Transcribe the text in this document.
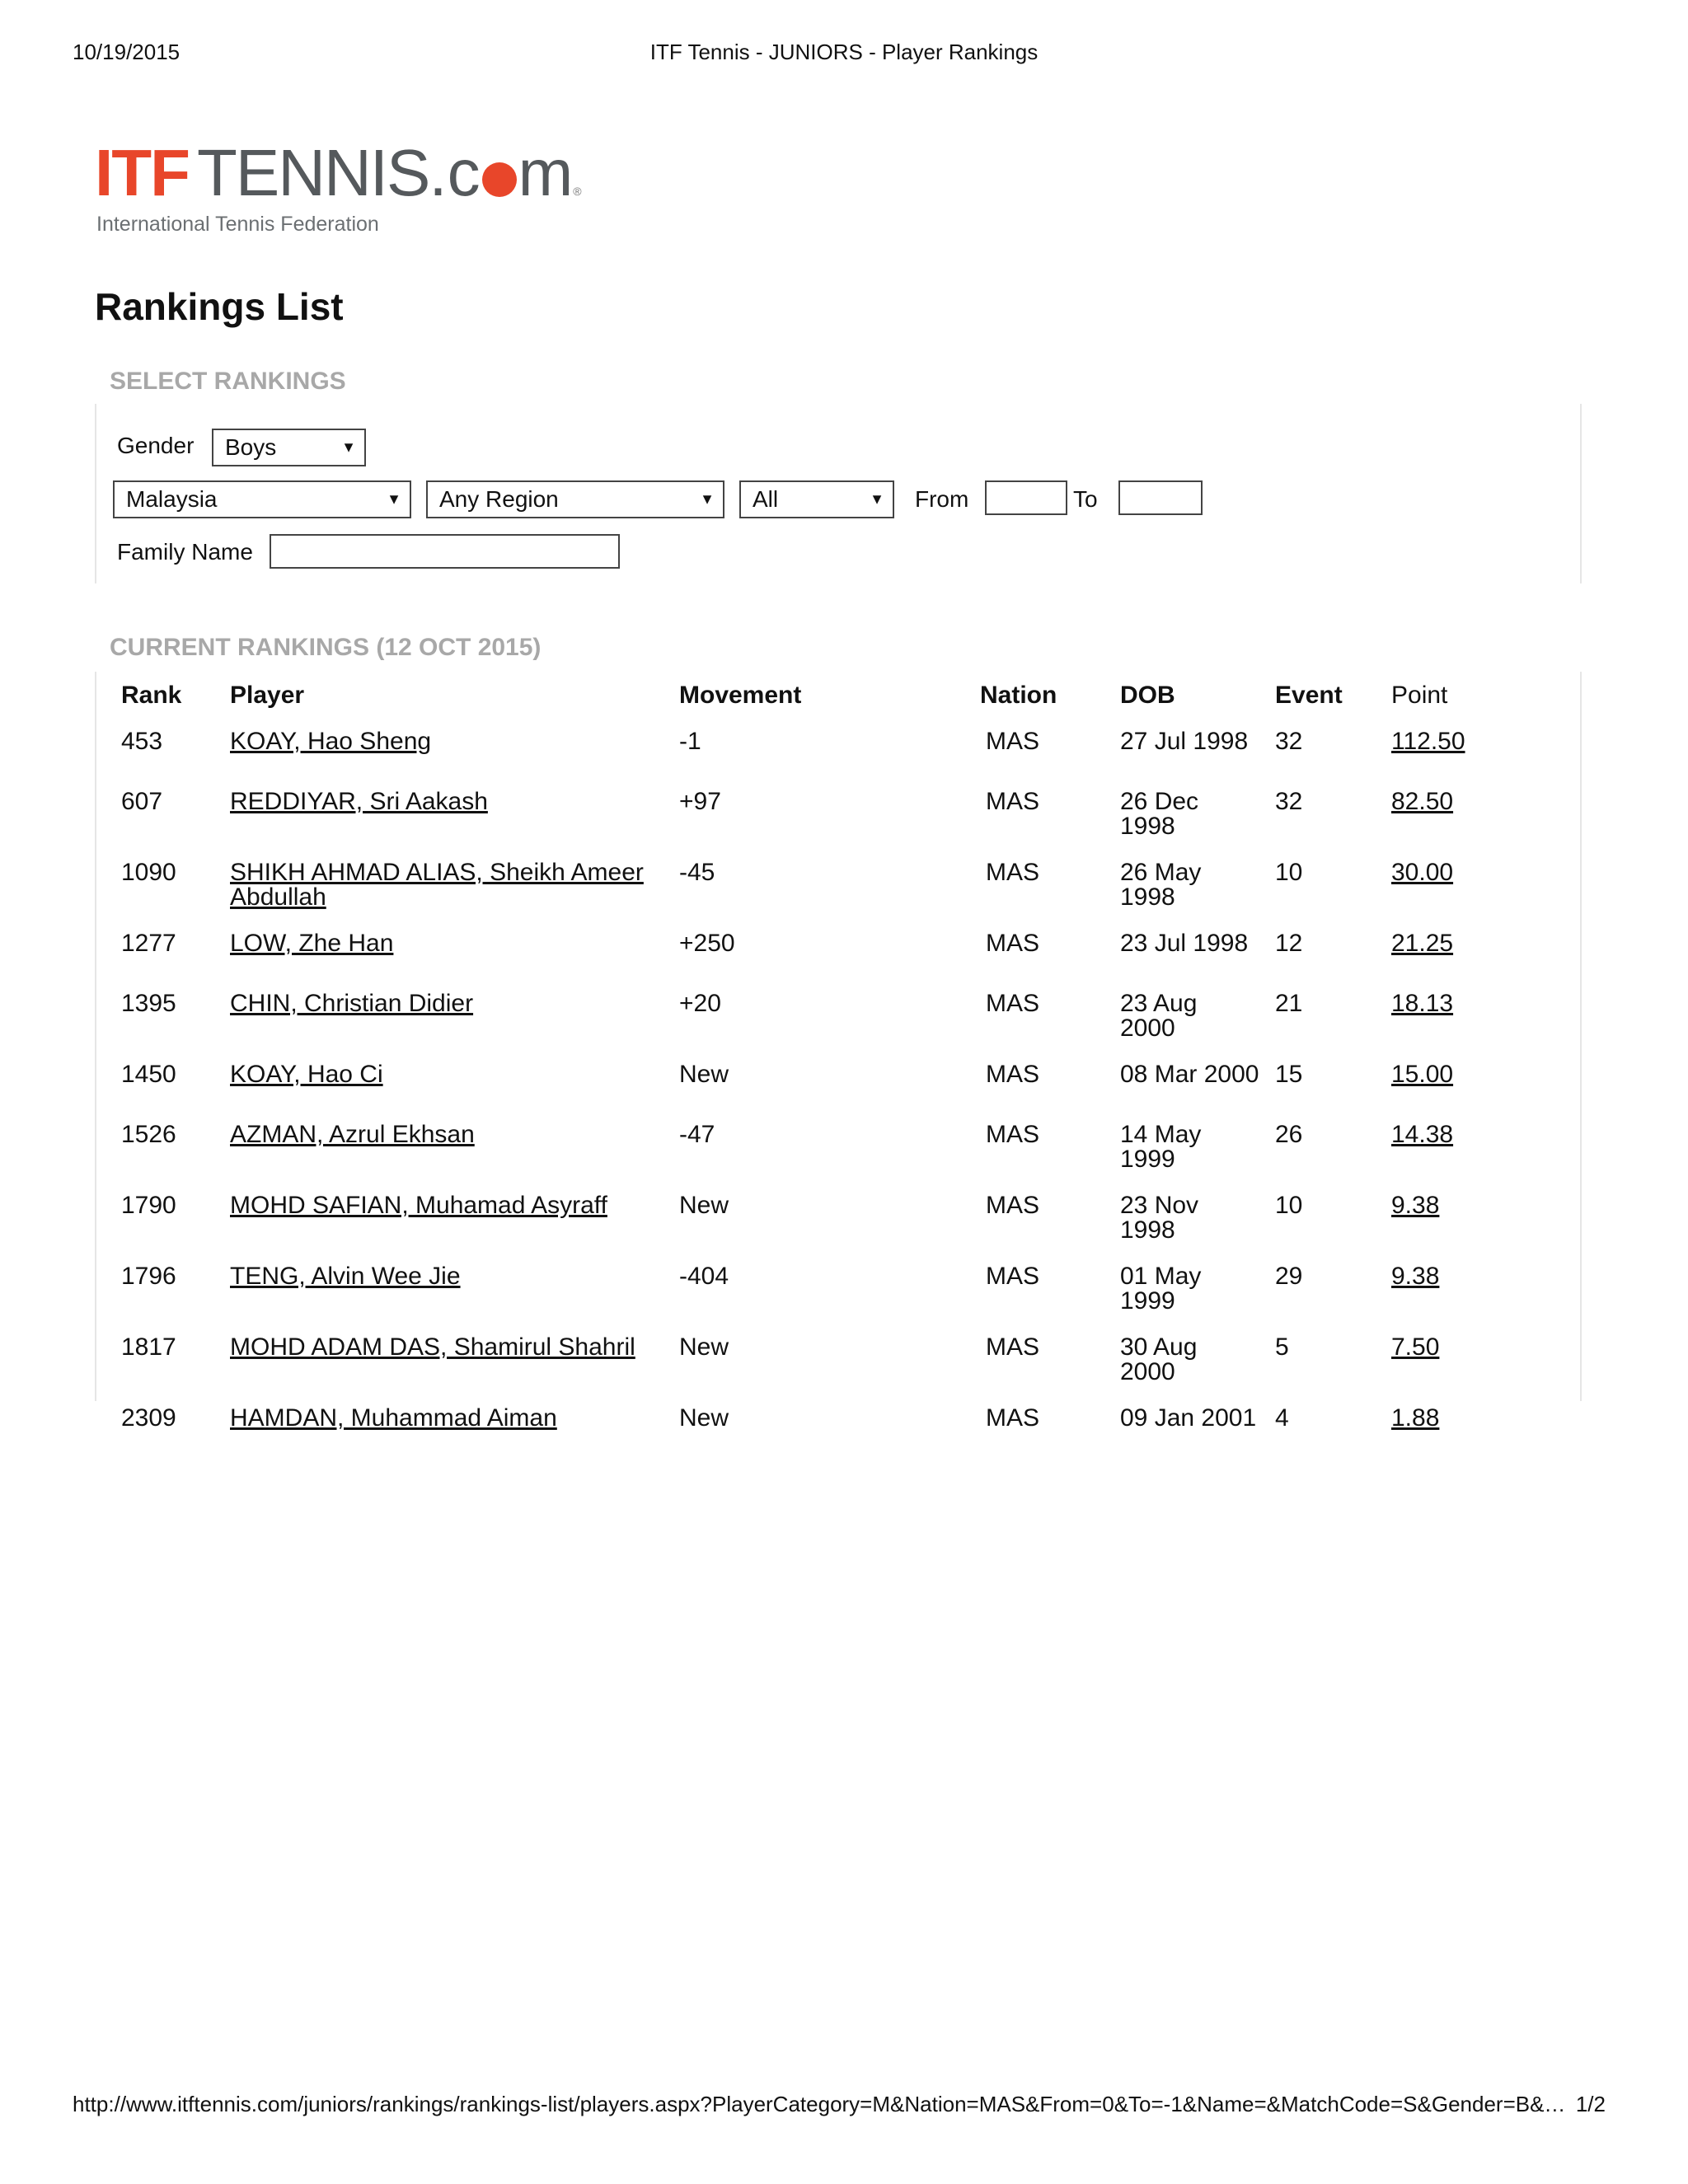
10/19/2015	ITF Tennis - JUNIORS - Player Rankings
ITF TENNIS . c m ®
International Tennis Federation
Rankings List
SELECT RANKINGS
Gender Boys	▼
Malaysia	▼ Any Region	▼ All	▼ From	To
Family Name
CURRENT RANKINGS (12 OCT 2015)
Rank	Player	Movement	Nation	DOB	Event	Point
453	KOAY, Hao Sheng	-1	MAS	27 Jul 1998	32	112.50
607	REDDIYAR, Sri Aakash	+97	MAS	26 Dec 1998	32	82.50
1090	SHIKH AHMAD ALIAS, Sheikh Ameer Abdullah	-45	MAS	26 May 1998	10	30.00
1277	LOW, Zhe Han	+250	MAS	23 Jul 1998	12	21.25
1395	CHIN, Christian Didier	+20	MAS	23 Aug 2000	21	18.13
1450	KOAY, Hao Ci	New	MAS	08 Mar 2000	15	15.00
1526	AZMAN, Azrul Ekhsan	-47	MAS	14 May 1999	26	14.38
1790	MOHD SAFIAN, Muhamad Asyraff	New	MAS	23 Nov 1998	10	9.38
1796	TENG, Alvin Wee Jie	-404	MAS	01 May 1999	29	9.38
1817	MOHD ADAM DAS, Shamirul Shahril	New	MAS	30 Aug 2000	5	7.50
2309	HAMDAN, Muhammad Aiman	New	MAS	09 Jan 2001	4	1.88
http://www.itftennis.com/juniors/rankings/rankings-list/players.aspx?PlayerCategory=M&Nation=MAS&From=0&To=-1&Name=&MatchCode=S&Gender=B&… 1/2
